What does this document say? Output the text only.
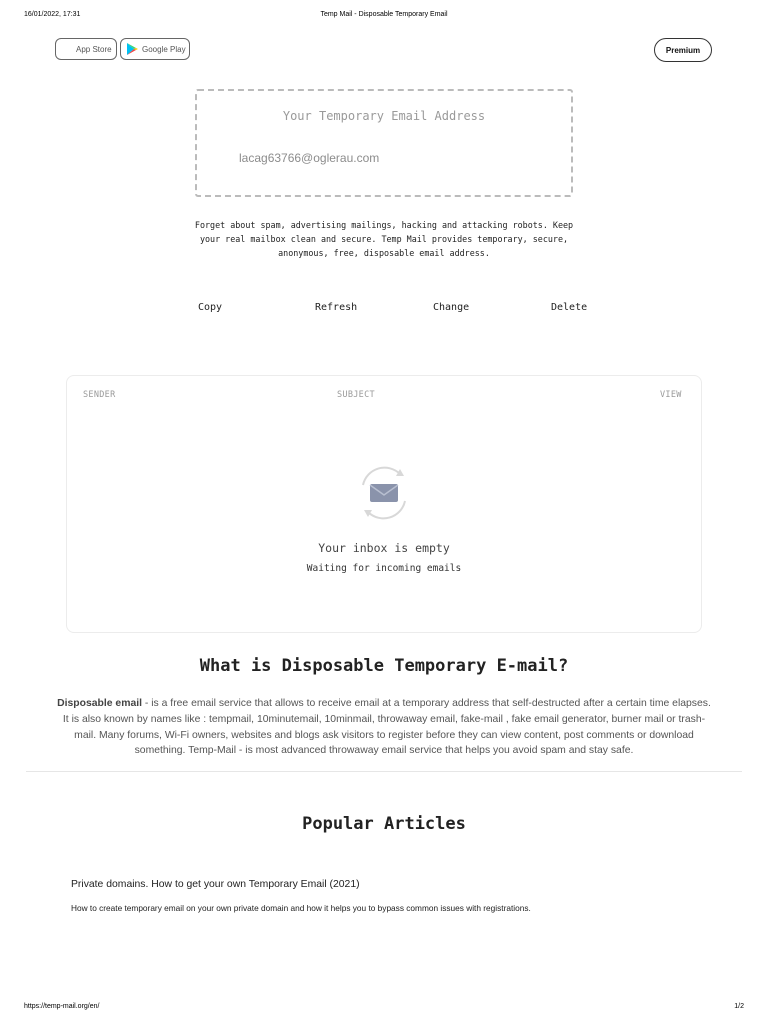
16/01/2022, 17:31	Temp Mail - Disposable Temporary Email
App Store	Google Play	Premium
Your Temporary Email Address
lacag63766@oglerau.com
Forget about spam, advertising mailings, hacking and attacking robots. Keep your real mailbox clean and secure. Temp Mail provides temporary, secure, anonymous, free, disposable email address.
Copy	Refresh	Change	Delete
SENDER	SUBJECT	VIEW
Your inbox is empty
Waiting for incoming emails
What is Disposable Temporary E-mail?
Disposable email - is a free email service that allows to receive email at a temporary address that self-destructed after a certain time elapses. It is also known by names like : tempmail, 10minutemail, 10minmail, throwaway email, fake-mail , fake email generator, burner mail or trash-mail. Many forums, Wi-Fi owners, websites and blogs ask visitors to register before they can view content, post comments or download something. Temp-Mail - is most advanced throwaway email service that helps you avoid spam and stay safe.
Popular Articles
Private domains. How to get your own Temporary Email (2021)
How to create temporary email on your own private domain and how it helps you to bypass common issues with registrations.
https://temp-mail.org/en/	1/2
